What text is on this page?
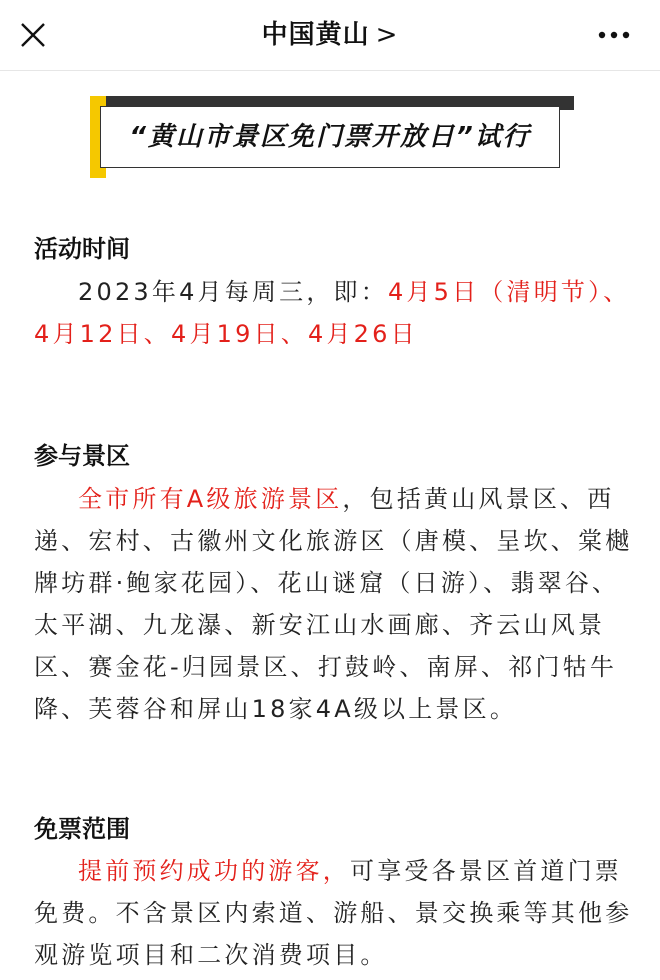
中国黄山 >
“黄山市景区免门票开放日”试行
活动时间
2023年4月每周三，即：4月5日（清明节）、4月12日、4月19日、4月26日
参与景区
全市所有A级旅游景区，包括黄山风景区、西递、宏村、古徽州文化旅游区（唐模、呈坎、棠樾牌坊群·鲍家花园）、花山谜窟（日游）、翡翠谷、太平湖、九龙瀑、新安江山水画廊、齐云山风景区、赛金花-归园景区、打鼓岭、南屏、祁门牯牛降、芙蓉谷和屏山18家4A级以上景区。
免票范围
提前预约成功的游客，可享受各景区首道门票免费。不含景区内索道、游船、景交换乘等其他参观游览项目和二次消费项目。
